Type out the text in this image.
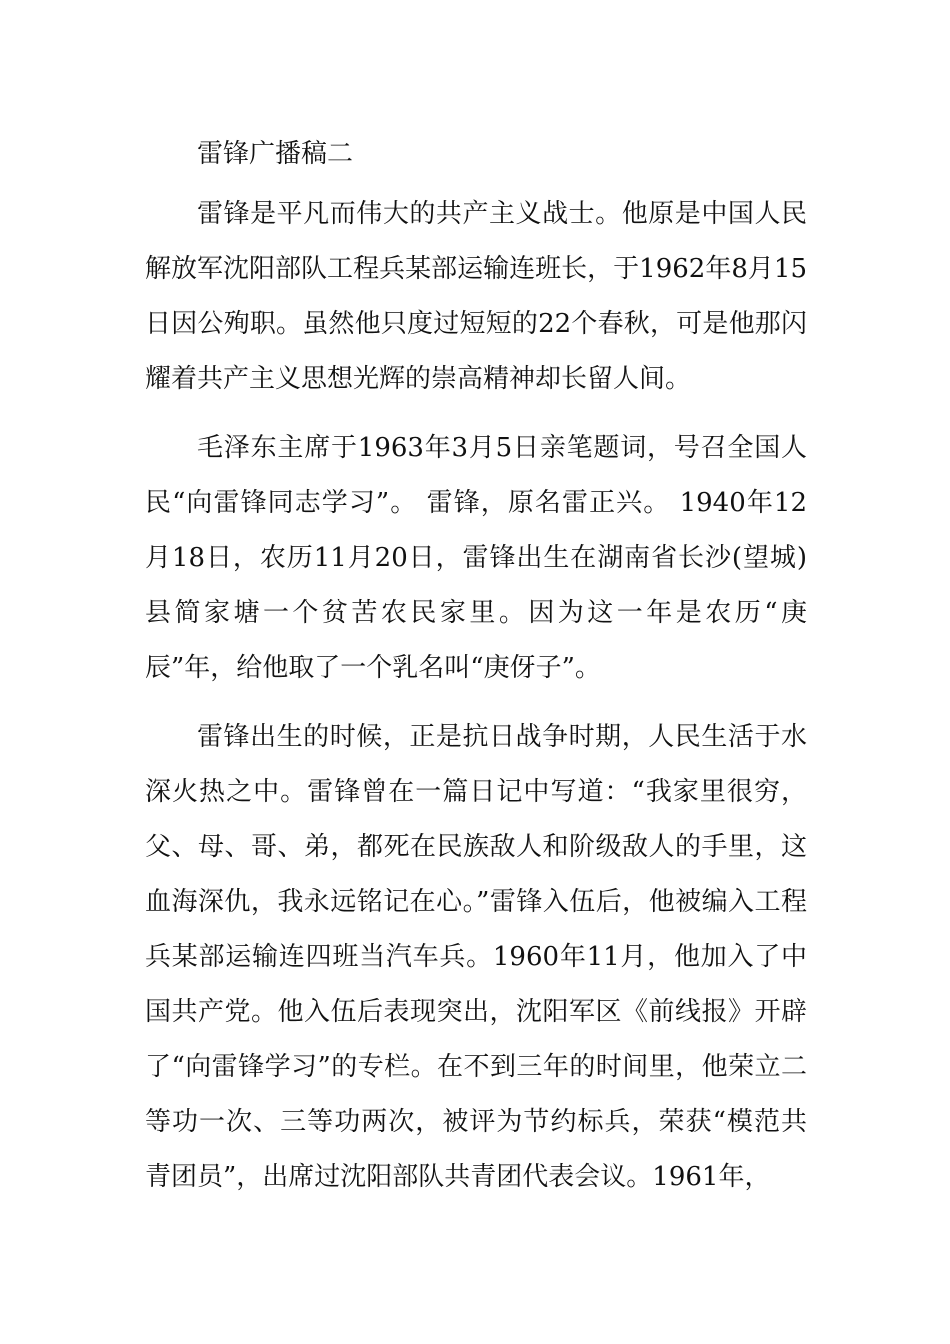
雷锋广播稿二

雷锋是平凡而伟大的共产主义战士。他原是中国人民解放军沈阳部队工程兵某部运输连班长，于1962年8月15日因公殉职。虽然他只度过短短的22个春秋，可是他那闪耀着共产主义思想光辉的崇高精神却长留人间。

毛泽东主席于1963年3月5日亲笔题词，号召全国人民“向雷锋同志学习”。 雷锋，原名雷正兴。 1940年12月18日，农历11月20日，雷锋出生在湖南省长沙(望城)县简家塘一个贫苦农民家里。因为这一年是农历“庚辰”年，给他取了一个乳名叫“庚伢子”。

雷锋出生的时候，正是抗日战争时期，人民生活于水深火热之中。雷锋曾在一篇日记中写道：“我家里很穷，父、母、哥、弟，都死在民族敌人和阶级敌人的手里，这血海深仇，我永远铭记在心。”雷锋入伍后，他被编入工程兵某部运输连四班当汽车兵。1960年11月，他加入了中国共产党。他入伍后表现突出，沈阳军区《前线报》开辟了“向雷锋学习”的专栏。在不到三年的时间里，他荣立二等功一次、三等功两次，被评为节约标兵，荣获“模范共青团员”，出席过沈阳部队共青团代表会议。1961年，
